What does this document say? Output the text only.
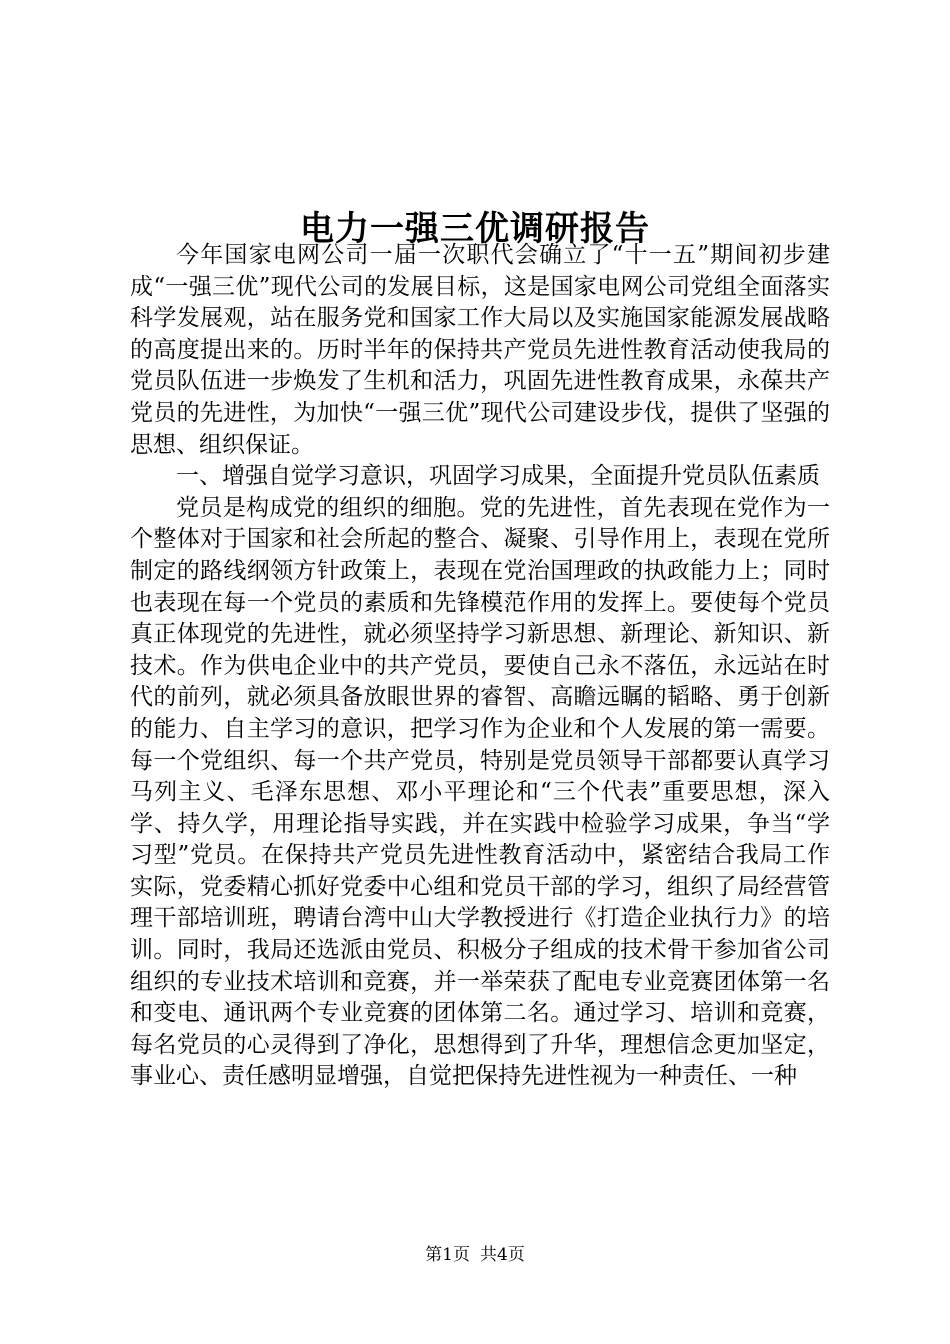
电力一强三优调研报告

今年国家电网公司一届一次职代会确立了“十一五”期间初步建成“一强三优”现代公司的发展目标，这是国家电网公司党组全面落实科学发展观，站在服务党和国家工作大局以及实施国家能源发展战略的高度提出来的。历时半年的保持共产党员先进性教育活动使我局的党员队伍进一步焕发了生机和活力，巩固先进性教育成果，永葆共产党员的先进性，为加快“一强三优”现代公司建设步伐，提供了坚强的思想、组织保证。

一、增强自觉学习意识，巩固学习成果，全面提升党员队伍素质

党员是构成党的组织的细胞。党的先进性，首先表现在党作为一个整体对于国家和社会所起的整合、凝聚、引导作用上，表现在党所制定的路线纲领方针政策上，表现在党治国理政的执政能力上；同时也表现在每一个党员的素质和先锋模范作用的发挥上。要使每个党员真正体现党的先进性，就必须坚持学习新思想、新理论、新知识、新技术。作为供电企业中的共产党员，要使自己永不落伍，永远站在时代的前列，就必须具备放眼世界的睿智、高瞻远瞩的韬略、勇于创新的能力、自主学习的意识，把学习作为企业和个人发展的第一需要。每一个党组织、每一个共产党员，特别是党员领导干部都要认真学习马列主义、毛泽东思想、邓小平理论和“三个代表”重要思想，深入学、持久学，用理论指导实践，并在实践中检验学习成果，争当“学习型”党员。在保持共产党员先进性教育活动中，紧密结合我局工作实际，党委精心抓好党委中心组和党员干部的学习，组织了局经营管理干部培训班，聘请台湾中山大学教授进行《打造企业执行力》的培训。同时，我局还选派由党员、积极分子组成的技术骨干参加省公司组织的专业技术培训和竞赛，并一举荣获了配电专业竞赛团体第一名和变电、通讯两个专业竞赛的团体第二名。通过学习、培训和竞赛，每名党员的心灵得到了净化，思想得到了升华，理想信念更加坚定，事业心、责任感明显增强，自觉把保持先进性视为一种责任、一种

第1页 共4页
